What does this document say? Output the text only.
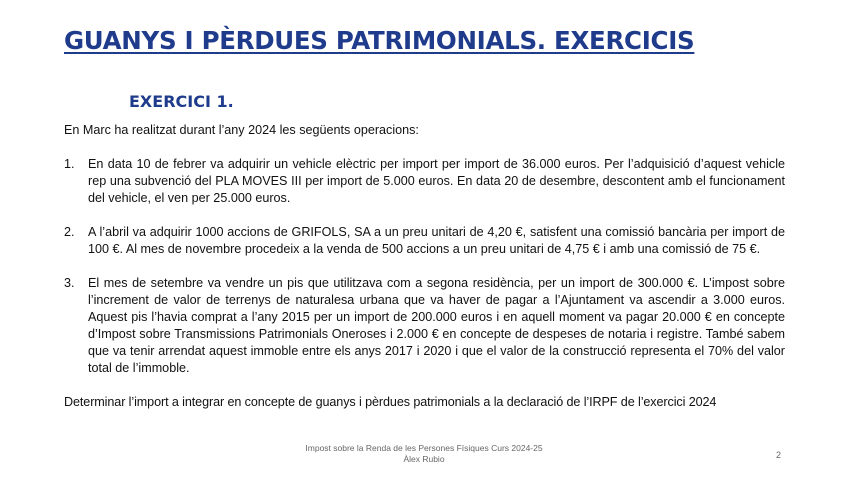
GUANYS I PÈRDUES PATRIMONIALS. EXERCICIS
EXERCICI 1.

En Marc ha realitzat durant l’any 2024 les següents operacions:

1.	En data 10 de febrer va adquirir un vehicle elèctric per import per import de 36.000 euros. Per l’adquisició d’aquest vehicle rep una subvenció del PLA MOVES III per import de 5.000 euros. En data 20 de desembre, descontent amb el funcionament del vehicle, el ven per 25.000 euros.
2.	A l’abril va adquirir 1000 accions de GRIFOLS, SA a un preu unitari de 4,20 €, satisfent una comissió bancària per import de 100 €. Al mes de novembre procedeix a la venda de 500 accions a un preu unitari de 4,75 € i amb una comissió de 75 €.
3.	El mes de setembre va vendre un pis que utilitzava com a segona residència, per un import de 300.000 €. L’impost sobre l’increment de valor de terrenys de naturalesa urbana que va haver de pagar a l’Ajuntament va ascendir a 3.000 euros. Aquest pis l’havia comprat a l’any 2015 per un import de 200.000 euros i en aquell moment va pagar 20.000 € en concepte d’Impost sobre Transmissions Patrimonials Oneroses i 2.000 € en concepte de despeses de notaria i registre. També sabem que va tenir arrendat aquest immoble entre els anys 2017 i 2020 i que el valor de la construcció representa el 70% del valor total de l’immoble.

Determinar l’import a integrar en concepte de guanys i pèrdues patrimonials a la declaració de l’IRPF de l’exercici 2024

Impost sobre la Renda de les Persones Físiques Curs 2024-25
Àlex Rubio	2
